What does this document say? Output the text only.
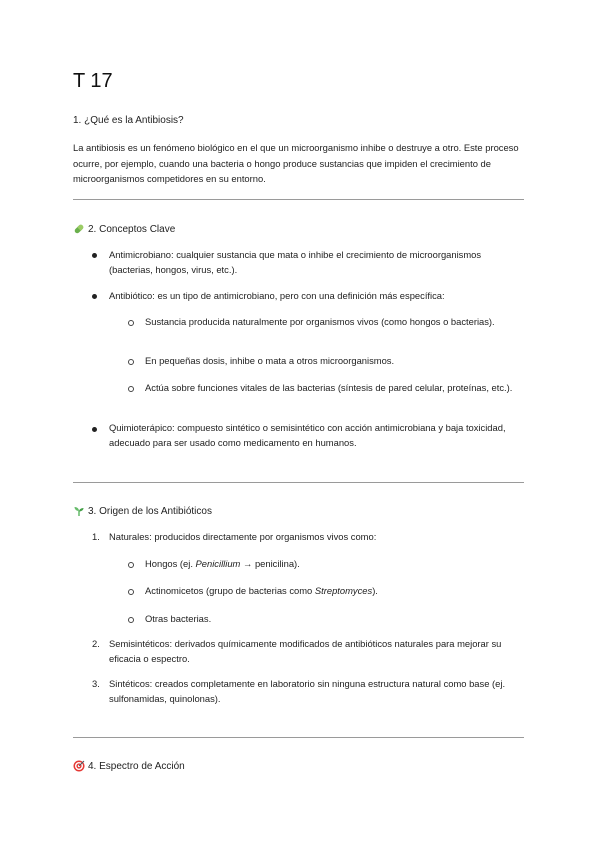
T 17

1. ¿Qué es la Antibiosis?

La antibiosis es un fenómeno biológico en el que un microorganismo inhibe o destruye a otro. Este proceso ocurre, por ejemplo, cuando una bacteria o hongo produce sustancias que impiden el crecimiento de microorganismos competidores en su entorno.

2. Conceptos Clave

Antimicrobiano: cualquier sustancia que mata o inhibe el crecimiento de microorganismos (bacterias, hongos, virus, etc.).

Antibiótico: es un tipo de antimicrobiano, pero con una definición más específica:

Sustancia producida naturalmente por organismos vivos (como hongos o bacterias).

En pequeñas dosis, inhibe o mata a otros microorganismos.

Actúa sobre funciones vitales de las bacterias (síntesis de pared celular, proteínas, etc.).

Quimioterápico: compuesto sintético o semisintético con acción antimicrobiana y baja toxicidad, adecuado para ser usado como medicamento en humanos.

3. Origen de los Antibióticos
1. Naturales: producidos directamente por organismos vivos como:

Hongos (ej. Penicillium → penicilina).

Actinomicetos (grupo de bacterias como Streptomyces).

Otras bacterias.

2. Semisintéticos: derivados químicamente modificados de antibióticos naturales para mejorar su eficacia o espectro.

3. Sintéticos: creados completamente en laboratorio sin ninguna estructura natural como base (ej. sulfonamidas, quinolonas).

4. Espectro de Acción
